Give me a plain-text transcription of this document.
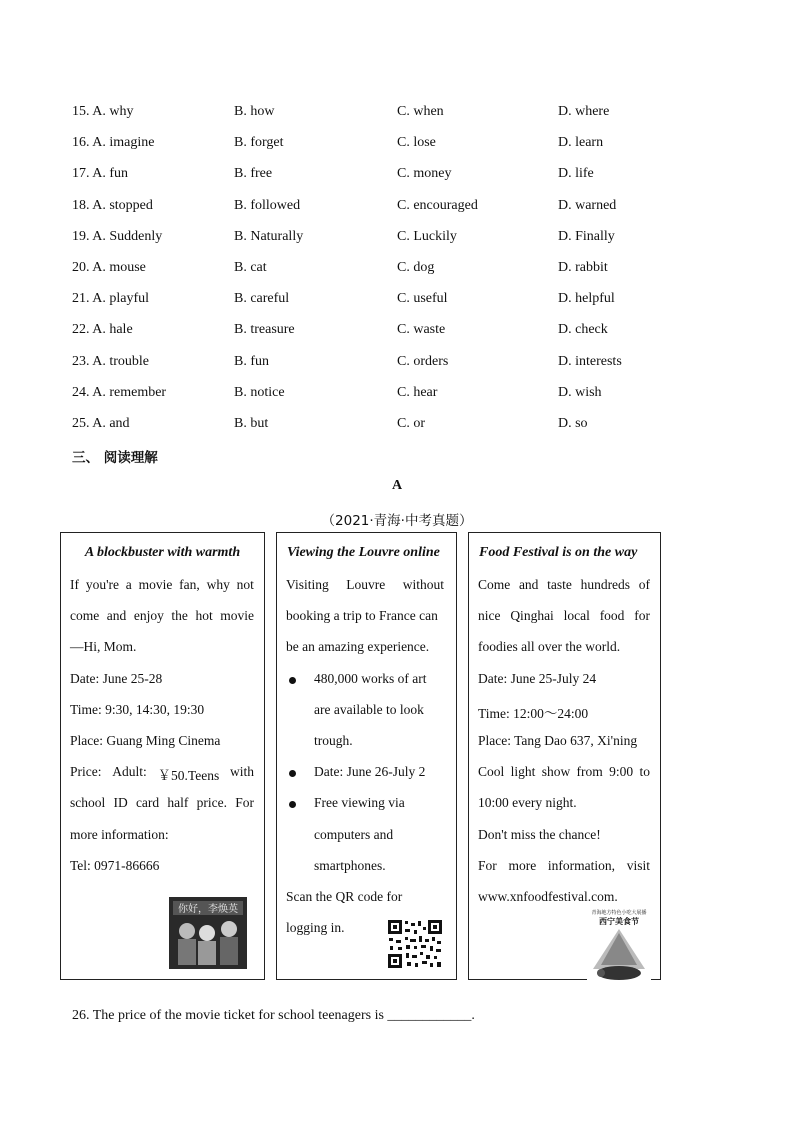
15. A. why	B. how	C. when	D. where
16. A. imagine	B. forget	C. lose	D. learn
17. A. fun	B. free	C. money	D. life
18. A. stopped	B. followed	C. encouraged	D. warned
19. A. Suddenly	B. Naturally	C. Luckily	D. Finally
20. A. mouse	B. cat	C. dog	D. rabbit
21. A. playful	B. careful	C. useful	D. helpful
22. A. hale	B. treasure	C. waste	D. check
23. A. trouble	B. fun	C. orders	D. interests
24. A. remember	B. notice	C. hear	D. wish
25. A. and	B. but	C. or	D. so
三、 阅读理解
A
（2021·青海·中考真题）
A blockbuster with warmth
If you're a movie fan, why not
come and enjoy the hot movie
—Hi, Mom.
Date: June 25-28
Time: 9:30, 14:30, 19:30
Place: Guang Ming Cinema
Price: Adult: ￥50.Teens with
school ID card half price. For
more information:
Tel: 0971-86666
你好，李焕英
Viewing the Louvre online
Visiting Louvre without
booking a trip to France can
be an amazing experience.
480,000 works of art
are available to look
trough.
Date: June 26-July 2
Free viewing via
computers and
smartphones.
Scan the QR code for
logging in.
Food Festival is on the way
Come and taste hundreds of
nice Qinghai local food for
foodies all over the world.
Date: June 25-July 24
Time: 12:00～24:00
Place: Tang Dao 637, Xi'ning
Cool light show from 9:00 to
10:00 every night.
Don't miss the chance!
For more information, visit
www.xnfoodfestival.com.
青海地方特色小吃大展播
西宁美食节
26. The price of the movie ticket for school teenagers is ____________.
